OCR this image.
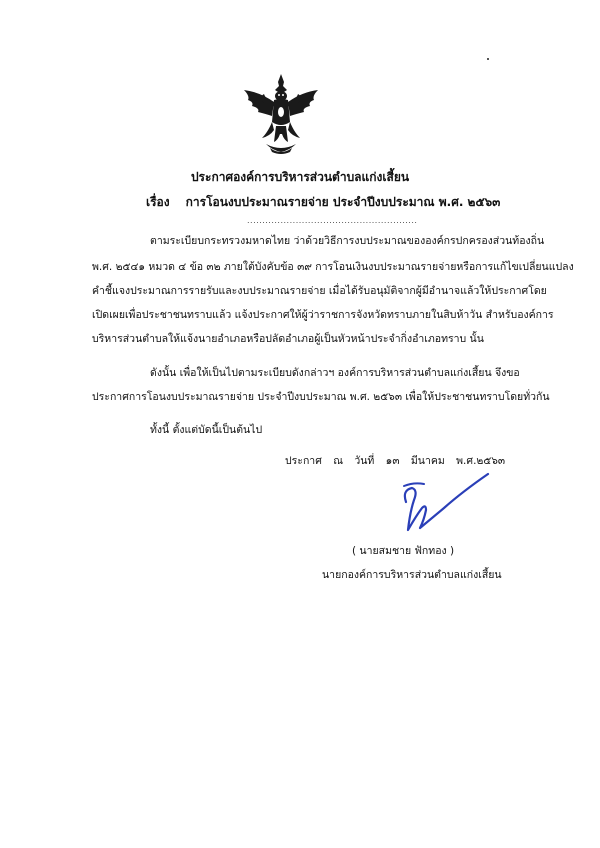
ประกาศองค์การบริหารส่วนตำบลแก่งเสี้ยน
เรื่อง การโอนงบประมาณรายจ่าย ประจำปีงบประมาณ พ.ศ. ๒๕๖๓
........................................................
ตามระเบียบกระทรวงมหาดไทย ว่าด้วยวิธีการงบประมาณขององค์กรปกครองส่วนท้องถิ่น
พ.ศ. ๒๕๔๑ หมวด ๔ ข้อ ๓๒ ภายใต้บังคับข้อ ๓๙ การโอนเงินงบประมาณรายจ่ายหรือการแก้ไขเปลี่ยนแปลง
คำชี้แจงประมาณการรายรับและงบประมาณรายจ่าย เมื่อได้รับอนุมัติจากผู้มีอำนาจแล้วให้ประกาศโดย
เปิดเผยเพื่อประชาชนทราบแล้ว แจ้งประกาศให้ผู้ว่าราชการจังหวัดทราบภายในสิบห้าวัน สำหรับองค์การ
บริหารส่วนตำบลให้แจ้งนายอำเภอหรือปลัดอำเภอผู้เป็นหัวหน้าประจำกิ่งอำเภอทราบ นั้น
ดังนั้น เพื่อให้เป็นไปตามระเบียบดังกล่าวฯ องค์การบริหารส่วนตำบลแก่งเสี้ยน จึงขอ
ประกาศการโอนงบประมาณรายจ่าย ประจำปีงบประมาณ พ.ศ. ๒๕๖๓ เพื่อให้ประชาชนทราบโดยทั่วกัน
ทั้งนี้ ตั้งแต่บัดนี้เป็นต้นไป
ประกาศ ณ วันที่ ๑๓ มีนาคม พ.ศ.๒๕๖๓
( นายสมชาย ฟักทอง )
นายกองค์การบริหารส่วนตำบลแก่งเสี้ยน
